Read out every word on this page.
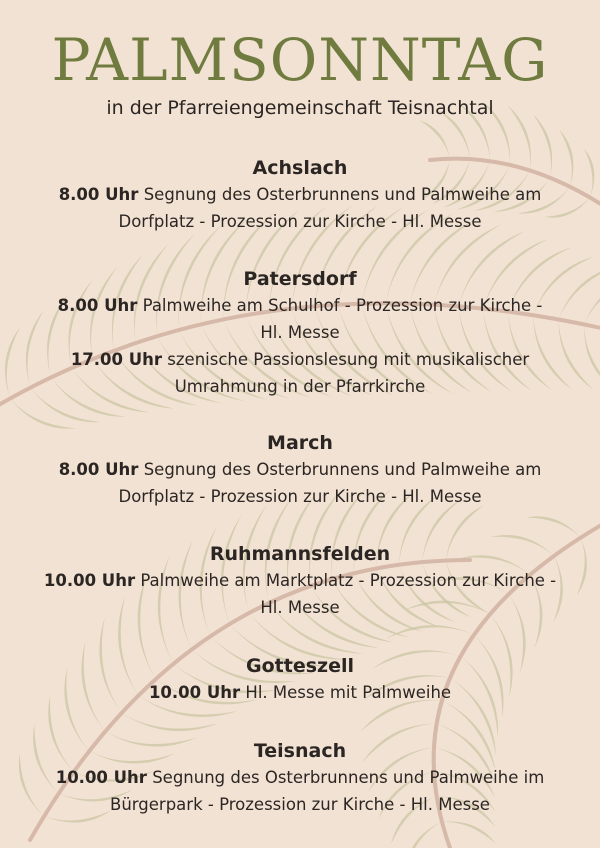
PALMSONNTAG
in der Pfarreiengemeinschaft Teisnachtal
Achslach
8.00 Uhr Segnung des Osterbrunnens und Palmweihe am
Dorfplatz - Prozession zur Kirche - Hl. Messe
Patersdorf
8.00 Uhr Palmweihe am Schulhof - Prozession zur Kirche -
Hl. Messe
17.00 Uhr szenische Passionslesung mit musikalischer
Umrahmung in der Pfarrkirche
March
8.00 Uhr Segnung des Osterbrunnens und Palmweihe am
Dorfplatz - Prozession zur Kirche - Hl. Messe
Ruhmannsfelden
10.00 Uhr Palmweihe am Marktplatz - Prozession zur Kirche -
Hl. Messe
Gotteszell
10.00 Uhr Hl. Messe mit Palmweihe
Teisnach
10.00 Uhr Segnung des Osterbrunnens und Palmweihe im
Bürgerpark - Prozession zur Kirche - Hl. Messe
